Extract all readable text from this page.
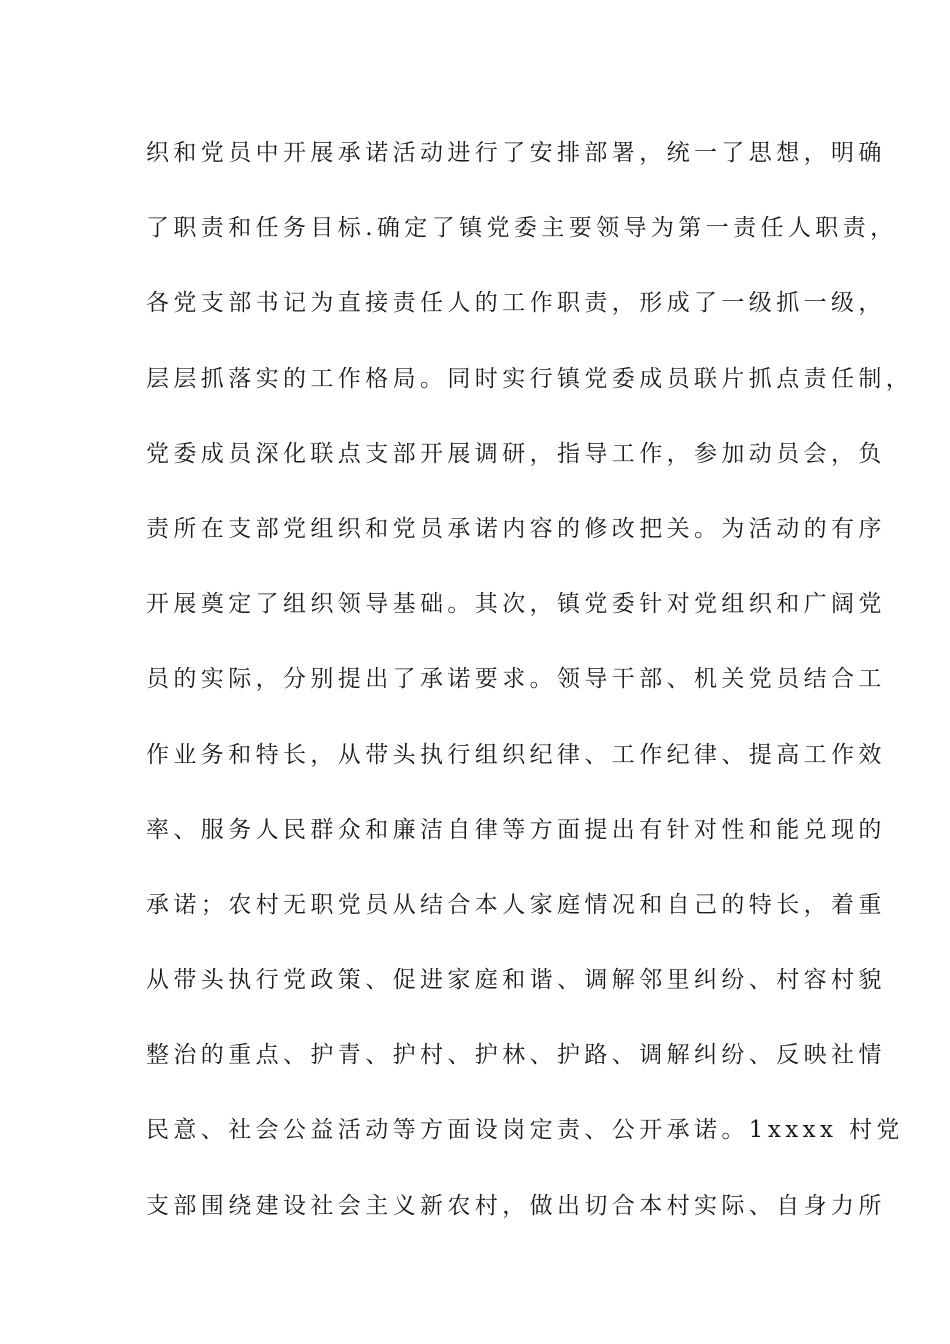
织和党员中开展承诺活动进行了安排部署，统一了思想，明确
了职责和任务目标.确定了镇党委主要领导为第一责任人职责，
各党支部书记为直接责任人的工作职责，形成了一级抓一级，
层层抓落实的工作格局。同时实行镇党委成员联片抓点责任制，
党委成员深化联点支部开展调研，指导工作，参加动员会，负
责所在支部党组织和党员承诺内容的修改把关。为活动的有序
开展奠定了组织领导基础。其次，镇党委针对党组织和广阔党
员的实际，分别提出了承诺要求。领导干部、机关党员结合工
作业务和特长，从带头执行组织纪律、工作纪律、提高工作效
率、服务人民群众和廉洁自律等方面提出有针对性和能兑现的
承诺；农村无职党员从结合本人家庭情况和自己的特长，着重
从带头执行党政策、促进家庭和谐、调解邻里纠纷、村容村貌
整治的重点、护青、护村、护林、护路、调解纠纷、反映社情
民意、社会公益活动等方面设岗定责、公开承诺。1xxxx 村党
支部围绕建设社会主义新农村，做出切合本村实际、自身力所
